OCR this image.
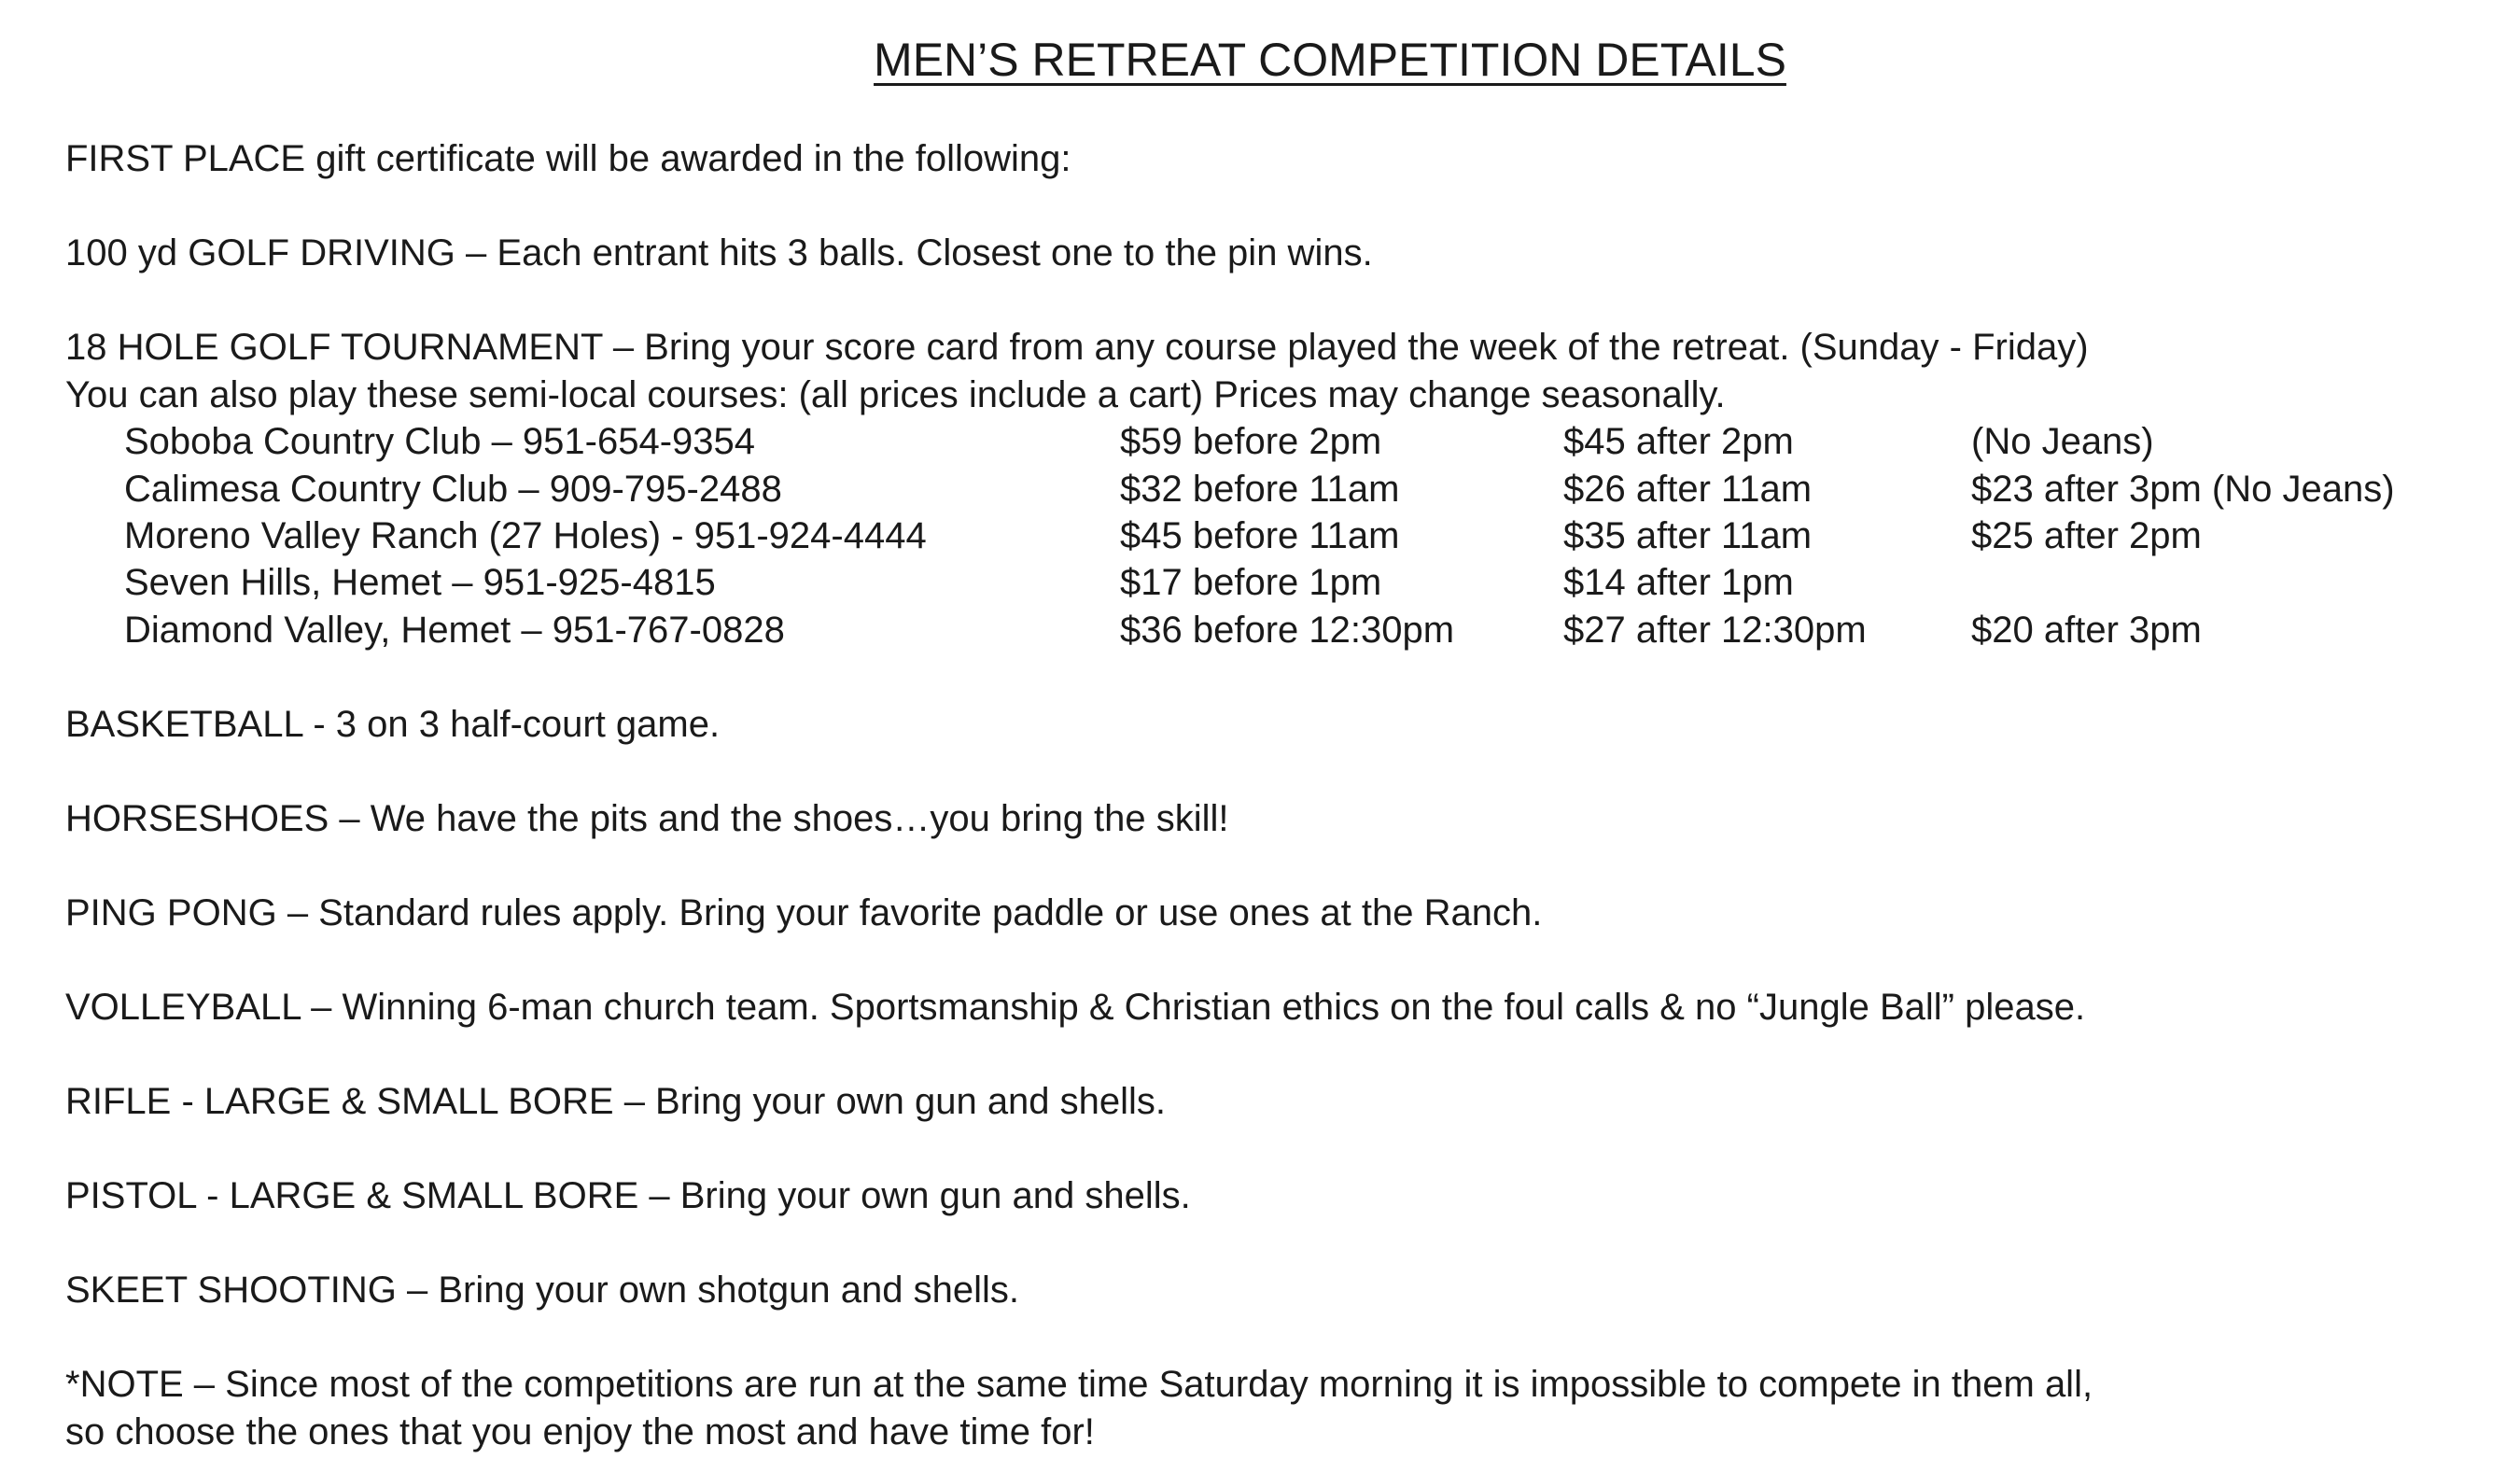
MEN’S RETREAT COMPETITION DETAILS
FIRST PLACE gift certificate will be awarded in the following:
100 yd GOLF DRIVING – Each entrant hits 3 balls. Closest one to the pin wins.
18 HOLE GOLF TOURNAMENT – Bring your score card from any course played the week of the retreat. (Sunday - Friday)
You can also play these semi-local courses: (all prices include a cart) Prices may change seasonally.
Soboba Country Club – 951-654-9354	$59 before 2pm	$45 after 2pm	(No Jeans)
Calimesa Country Club – 909-795-2488	$32 before 11am	$26 after 11am	$23 after 3pm (No Jeans)
Moreno Valley Ranch (27 Holes) - 951-924-4444	$45 before 11am	$35 after 11am	$25 after 2pm
Seven Hills, Hemet – 951-925-4815	$17 before 1pm	$14 after 1pm
Diamond Valley, Hemet – 951-767-0828	$36 before 12:30pm	$27 after 12:30pm	$20 after 3pm
BASKETBALL - 3 on 3 half-court game.
HORSESHOES – We have the pits and the shoes…you bring the skill!
PING PONG – Standard rules apply. Bring your favorite paddle or use ones at the Ranch.
VOLLEYBALL – Winning 6-man church team. Sportsmanship & Christian ethics on the foul calls & no “Jungle Ball” please.
RIFLE - LARGE & SMALL BORE – Bring your own gun and shells.
PISTOL - LARGE & SMALL BORE – Bring your own gun and shells.
SKEET SHOOTING – Bring your own shotgun and shells.
*NOTE – Since most of the competitions are run at the same time Saturday morning it is impossible to compete in them all,
so choose the ones that you enjoy the most and have time for!
